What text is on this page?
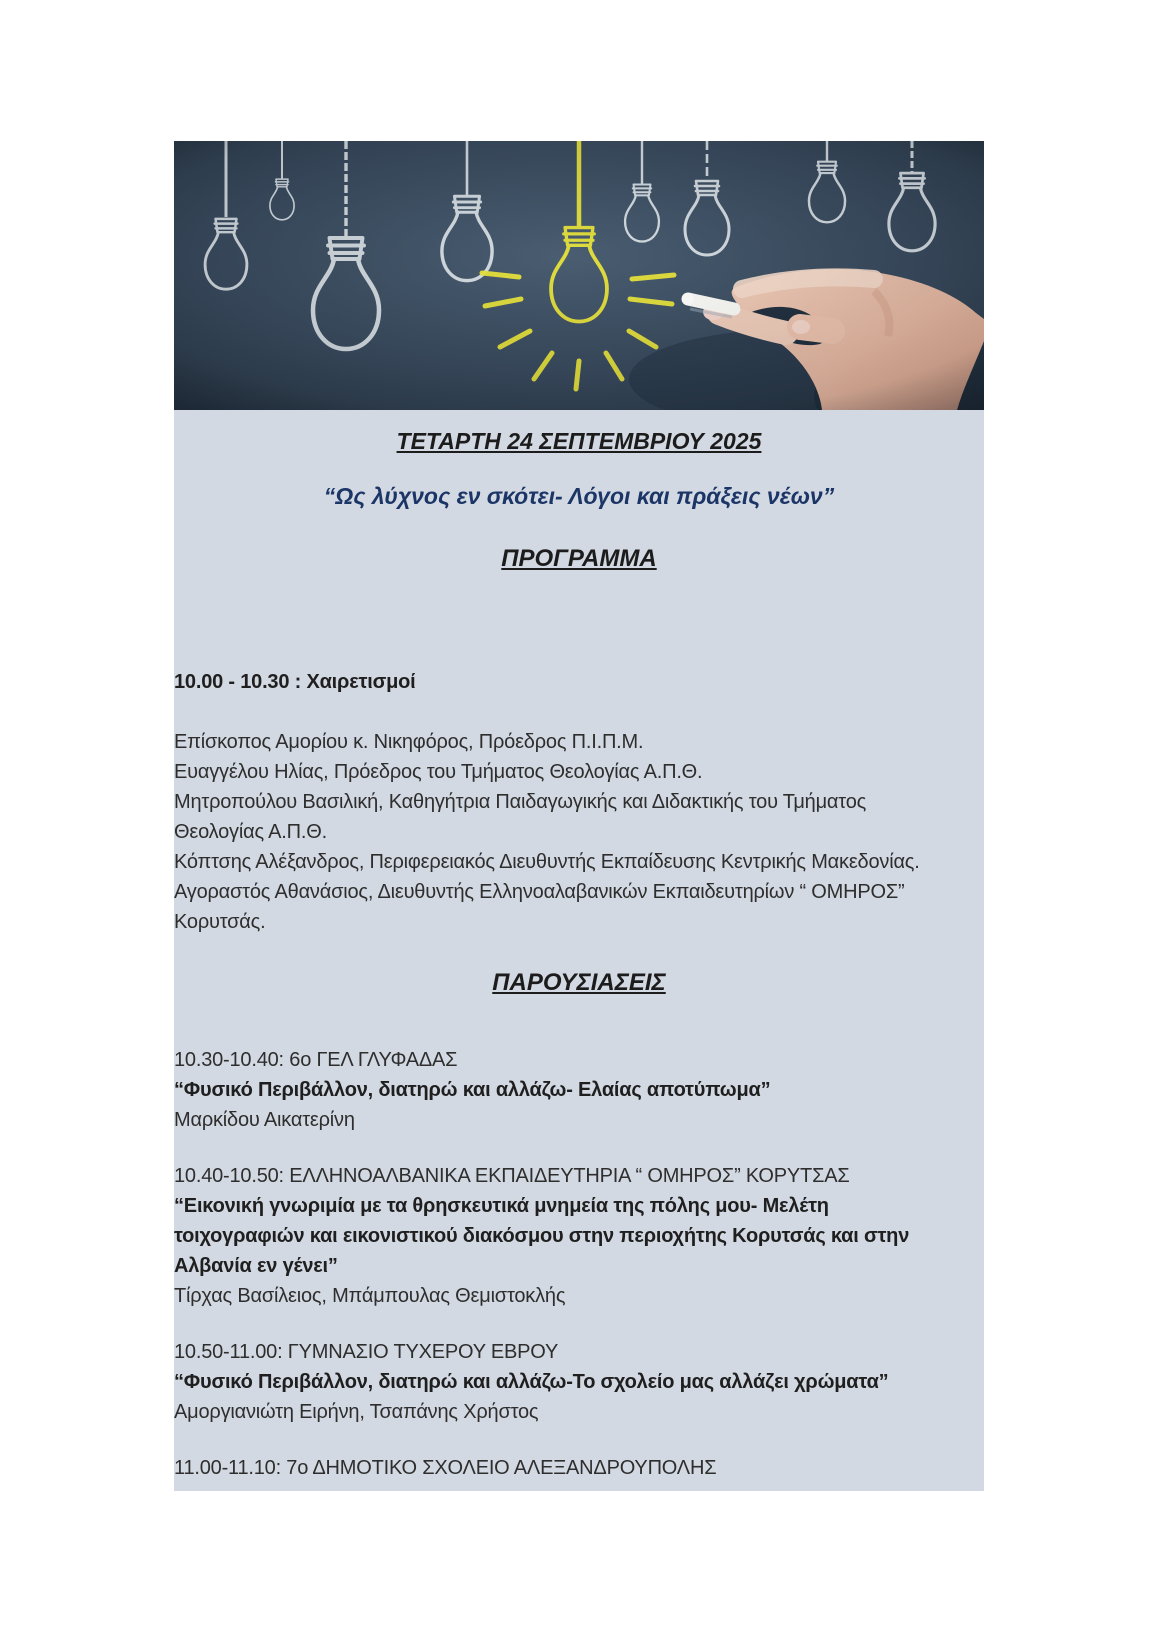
ΤΕΤΑΡΤΗ 24 ΣΕΠΤΕΜΒΡΙΟΥ 2025
“Ως λύχνος εν σκότει- Λόγοι και πράξεις νέων”
ΠΡΟΓΡΑΜΜΑ

10.00 - 10.30 : Χαιρετισμοί

Επίσκοπος Αμορίου κ. Νικηφόρος, Πρόεδρος Π.Ι.Π.Μ.

Ευαγγέλου Ηλίας, Πρόεδρος του Τμήματος Θεολογίας Α.Π.Θ.

Μητροπούλου Βασιλική, Καθηγήτρια Παιδαγωγικής και Διδακτικής του Τμήματος Θεολογίας Α.Π.Θ.

Κόπτσης Αλέξανδρος, Περιφερειακός Διευθυντής Εκπαίδευσης Κεντρικής Μακεδονίας.

Αγοραστός Αθανάσιος, Διευθυντής Ελληνοαλαβανικών Εκπαιδευτηρίων “ ΟΜΗΡΟΣ” Κορυτσάς.

ΠΑΡΟΥΣΙΑΣΕΙΣ

10.30-10.40: 6ο ΓΕΛ ΓΛΥΦΑΔΑΣ

“Φυσικό Περιβάλλον, διατηρώ και αλλάζω- Ελαίας αποτύπωμα”

Μαρκίδου Αικατερίνη

10.40-10.50: ΕΛΛΗΝΟΑΛΒΑΝΙΚΑ ΕΚΠΑΙΔΕΥΤΗΡΙΑ “ ΟΜΗΡΟΣ” ΚΟΡΥΤΣΑΣ

“Εικονική γνωριμία με τα θρησκευτικά μνημεία της πόλης μου- Μελέτη τοιχογραφιών και εικονιστικού διακόσμου στην περιοχήτης Κορυτσάς και στην Αλβανία εν γένει”

Τίρχας Βασίλειος, Μπάμπουλας Θεμιστοκλής

10.50-11.00: ΓΥΜΝΑΣΙΟ ΤΥΧΕΡΟΥ ΕΒΡΟΥ

“Φυσικό Περιβάλλον, διατηρώ και αλλάζω-Το σχολείο μας αλλάζει χρώματα”

Αμοργιανιώτη Ειρήνη, Τσαπάνης Χρήστος

11.00-11.10: 7ο ΔΗΜΟΤΙΚΟ ΣΧΟΛΕΙΟ ΑΛΕΞΑΝΔΡΟΥΠΟΛΗΣ
